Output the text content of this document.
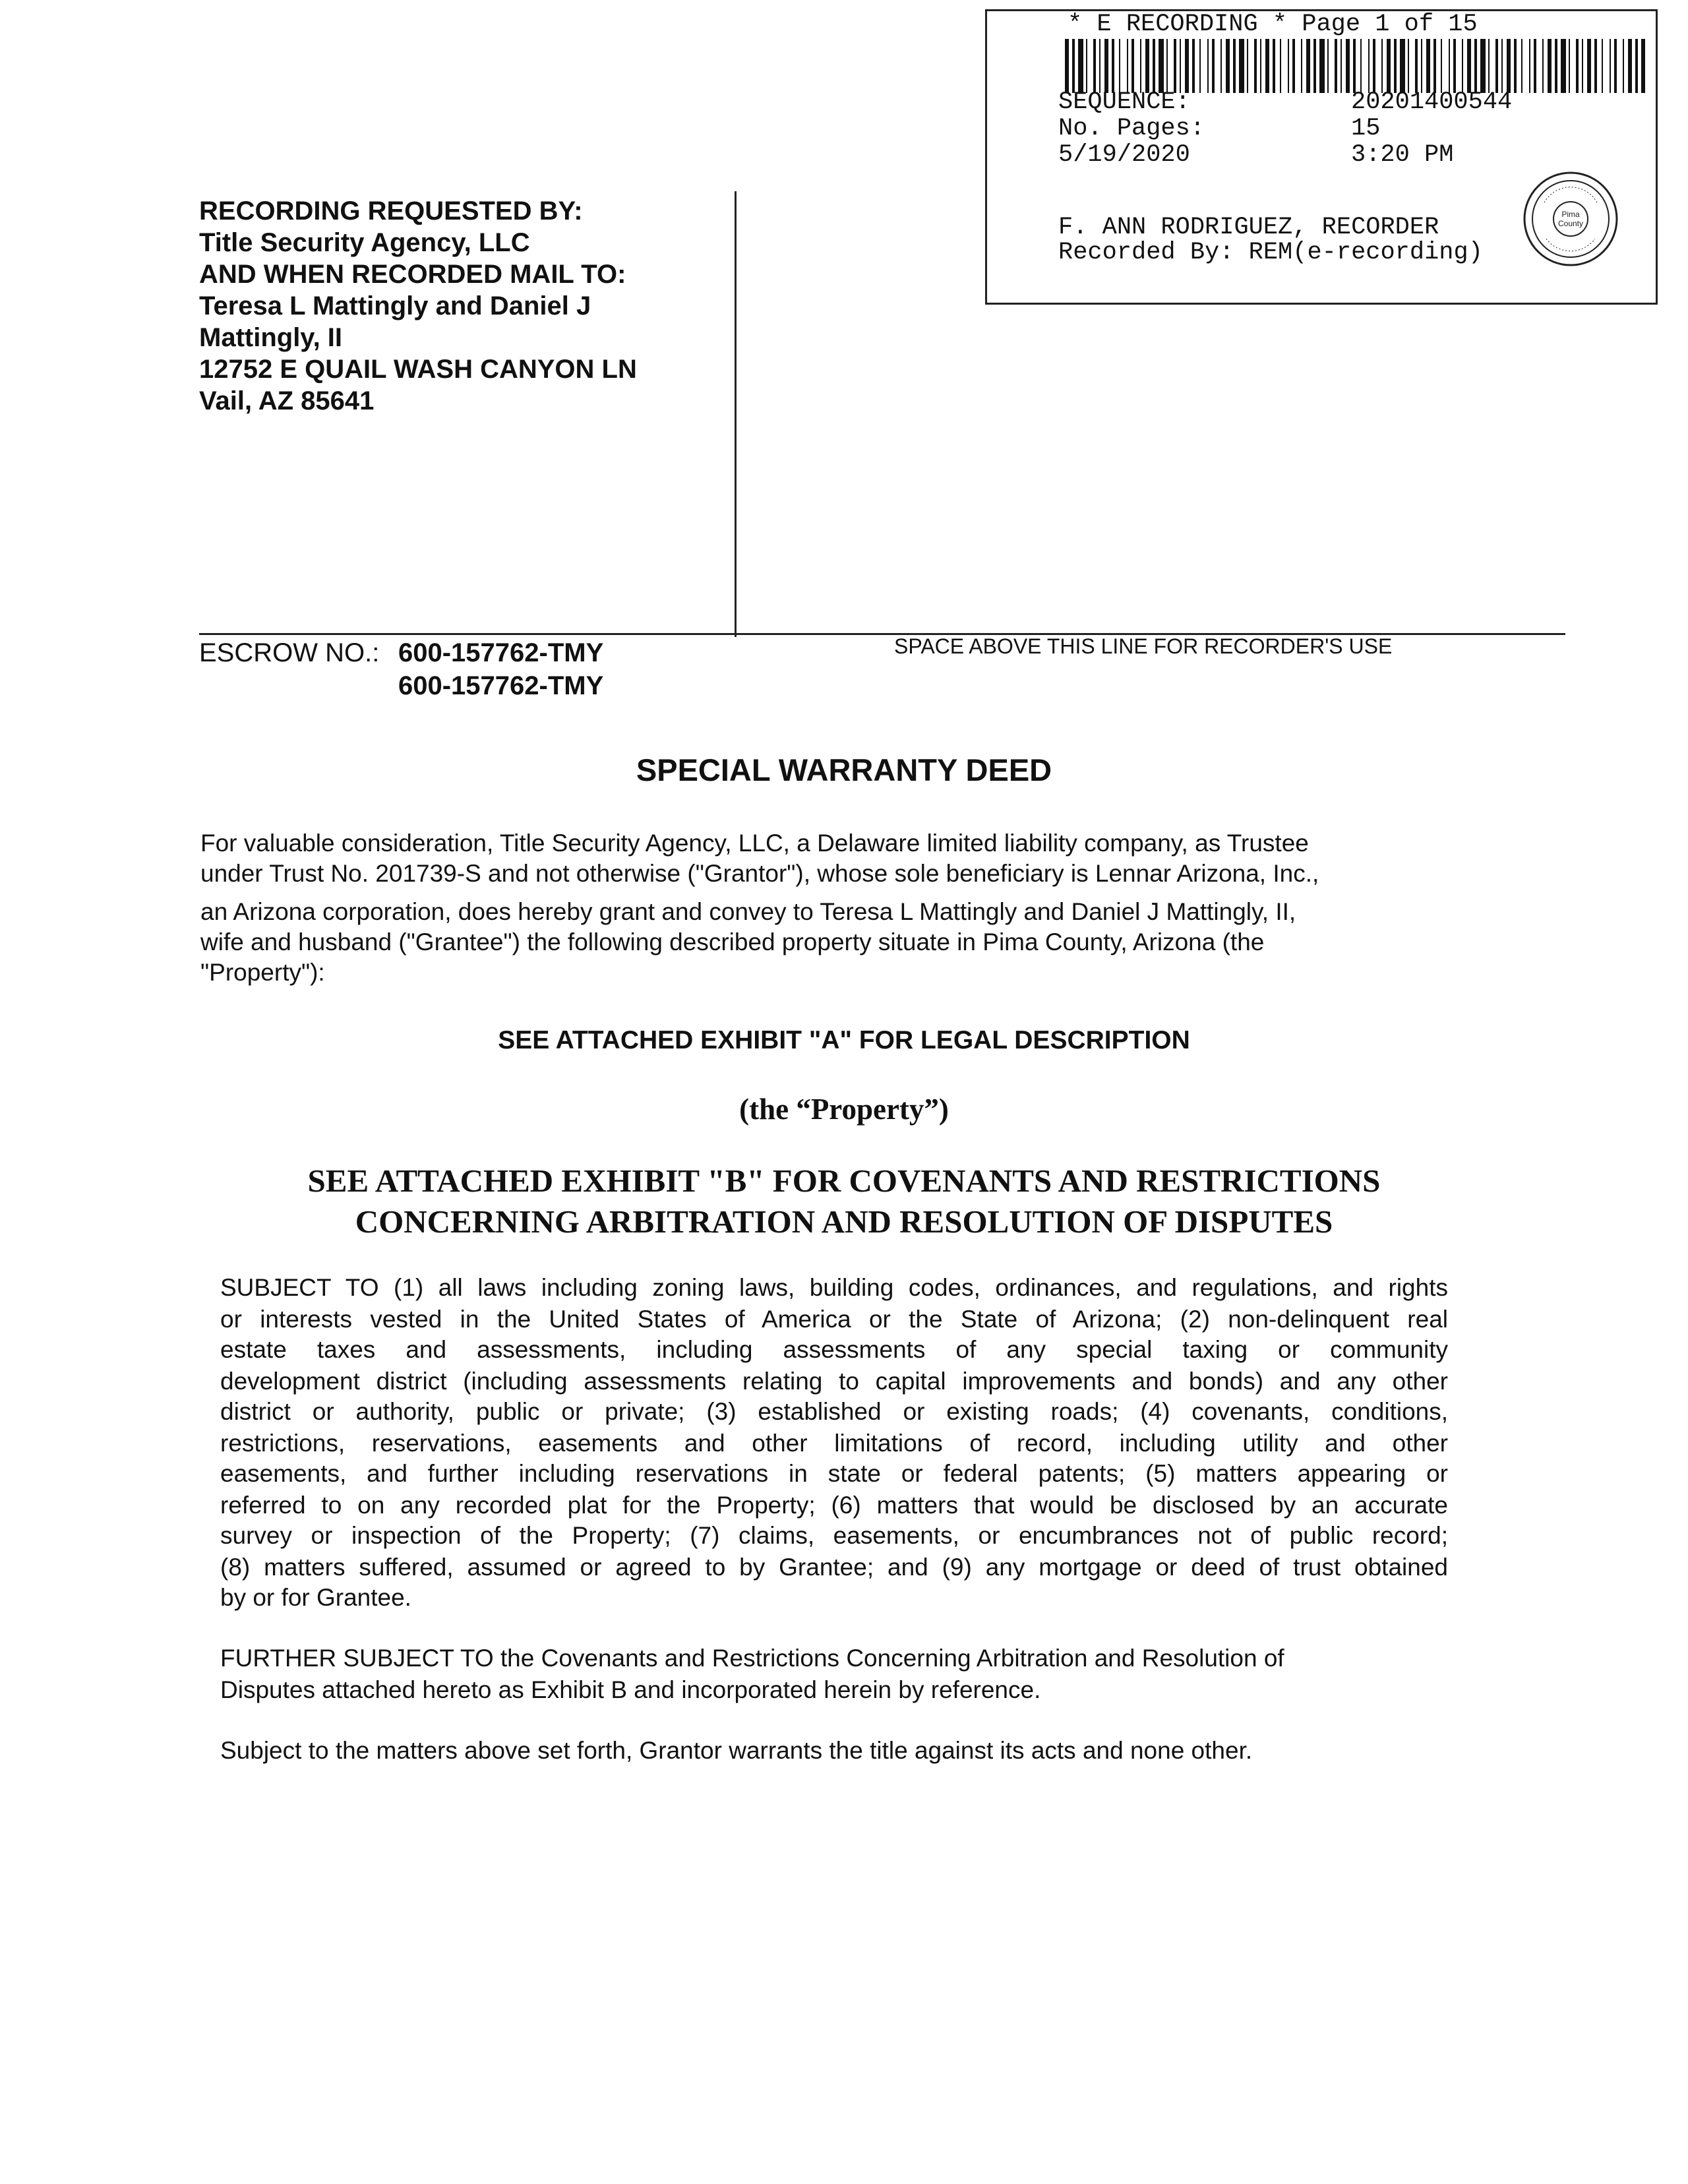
* E RECORDING * Page 1 of 15
SEQUENCE:	20201400544
No. Pages:	15
5/19/2020	3:20 PM
F. ANN RODRIGUEZ, RECORDER
Recorded By: REM(e-recording)
Pima
County
RECORDING REQUESTED BY:
Title Security Agency, LLC
AND WHEN RECORDED MAIL TO:
Teresa L Mattingly and Daniel J
Mattingly, II
12752 E QUAIL WASH CANYON LN
Vail, AZ 85641
ESCROW NO.: 600-157762-TMY
600-157762-TMY
SPACE ABOVE THIS LINE FOR RECORDER'S USE
SPECIAL WARRANTY DEED
For valuable consideration, Title Security Agency, LLC, a Delaware limited liability company, as Trustee
under Trust No. 201739-S and not otherwise ("Grantor"), whose sole beneficiary is Lennar Arizona, Inc.,
an Arizona corporation, does hereby grant and convey to Teresa L Mattingly and Daniel J Mattingly, II,
wife and husband ("Grantee") the following described property situate in Pima County, Arizona (the
"Property"):
SEE ATTACHED EXHIBIT "A" FOR LEGAL DESCRIPTION
(the “Property”)
SEE ATTACHED EXHIBIT "B" FOR COVENANTS AND RESTRICTIONS
CONCERNING ARBITRATION AND RESOLUTION OF DISPUTES
SUBJECT TO (1) all laws including zoning laws, building codes, ordinances, and regulations, and rights
or interests vested in the United States of America or the State of Arizona; (2) non-delinquent real
estate taxes and assessments, including assessments of any special taxing or community
development district (including assessments relating to capital improvements and bonds) and any other
district or authority, public or private; (3) established or existing roads; (4) covenants, conditions,
restrictions, reservations, easements and other limitations of record, including utility and other
easements, and further including reservations in state or federal patents; (5) matters appearing or
referred to on any recorded plat for the Property; (6) matters that would be disclosed by an accurate
survey or inspection of the Property; (7) claims, easements, or encumbrances not of public record;
(8) matters suffered, assumed or agreed to by Grantee; and (9) any mortgage or deed of trust obtained
by or for Grantee.
FURTHER SUBJECT TO the Covenants and Restrictions Concerning Arbitration and Resolution of
Disputes attached hereto as Exhibit B and incorporated herein by reference.
Subject to the matters above set forth, Grantor warrants the title against its acts and none other.
